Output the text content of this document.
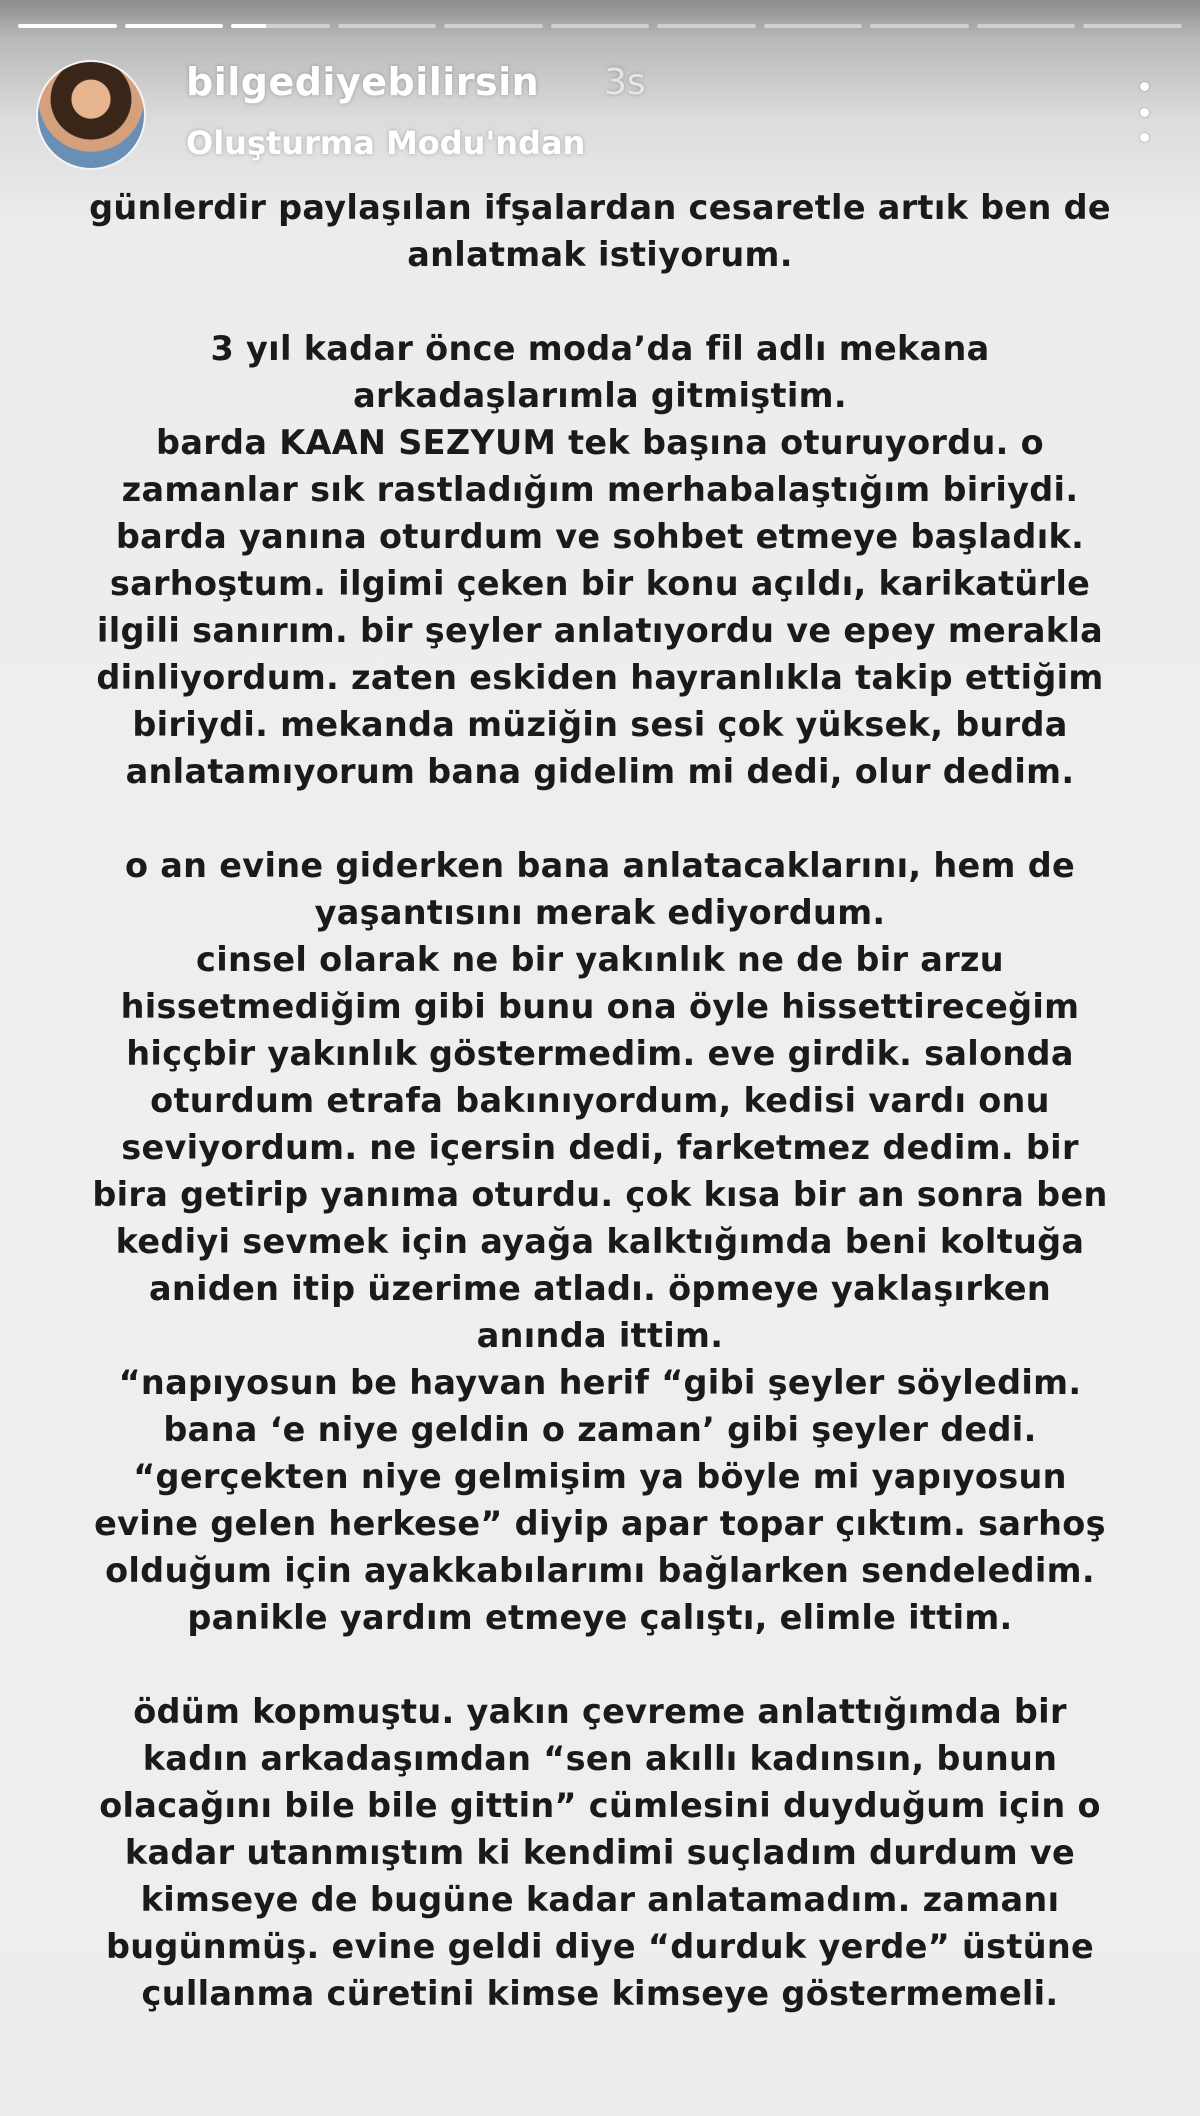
bilgediyebilirsin 3s
Oluşturma Modu'ndan

günlerdir paylaşılan ifşalardan cesaretle artık ben de
anlatmak istiyorum.

3 yıl kadar önce moda’da fil adlı mekana
arkadaşlarımla gitmiştim.
barda KAAN SEZYUM tek başına oturuyordu. o
zamanlar sık rastladığım merhabalaştığım biriydi.
barda yanına oturdum ve sohbet etmeye başladık.
sarhoştum. ilgimi çeken bir konu açıldı, karikatürle
ilgili sanırım. bir şeyler anlatıyordu ve epey merakla
dinliyordum. zaten eskiden hayranlıkla takip ettiğim
biriydi. mekanda müziğin sesi çok yüksek, burda
anlatamıyorum bana gidelim mi dedi, olur dedim.

o an evine giderken bana anlatacaklarını, hem de
yaşantısını merak ediyordum.
cinsel olarak ne bir yakınlık ne de bir arzu
hissetmediğim gibi bunu ona öyle hissettireceğim
hiççbir yakınlık göstermedim. eve girdik. salonda
oturdum etrafa bakınıyordum, kedisi vardı onu
seviyordum. ne içersin dedi, farketmez dedim. bir
bira getirip yanıma oturdu. çok kısa bir an sonra ben
kediyi sevmek için ayağa kalktığımda beni koltuğa
aniden itip üzerime atladı. öpmeye yaklaşırken
anında ittim.
“napıyosun be hayvan herif “gibi şeyler söyledim.
bana ‘e niye geldin o zaman’ gibi şeyler dedi.
“gerçekten niye gelmişim ya böyle mi yapıyosun
evine gelen herkese” diyip apar topar çıktım. sarhoş
olduğum için ayakkabılarımı bağlarken sendeledim.
panikle yardım etmeye çalıştı, elimle ittim.

ödüm kopmuştu. yakın çevreme anlattığımda bir
kadın arkadaşımdan “sen akıllı kadınsın, bunun
olacağını bile bile gittin” cümlesini duyduğum için o
kadar utanmıştım ki kendimi suçladım durdum ve
kimseye de bugüne kadar anlatamadım. zamanı
bugünmüş. evine geldi diye “durduk yerde” üstüne
çullanma cüretini kimse kimseye göstermemeli.
